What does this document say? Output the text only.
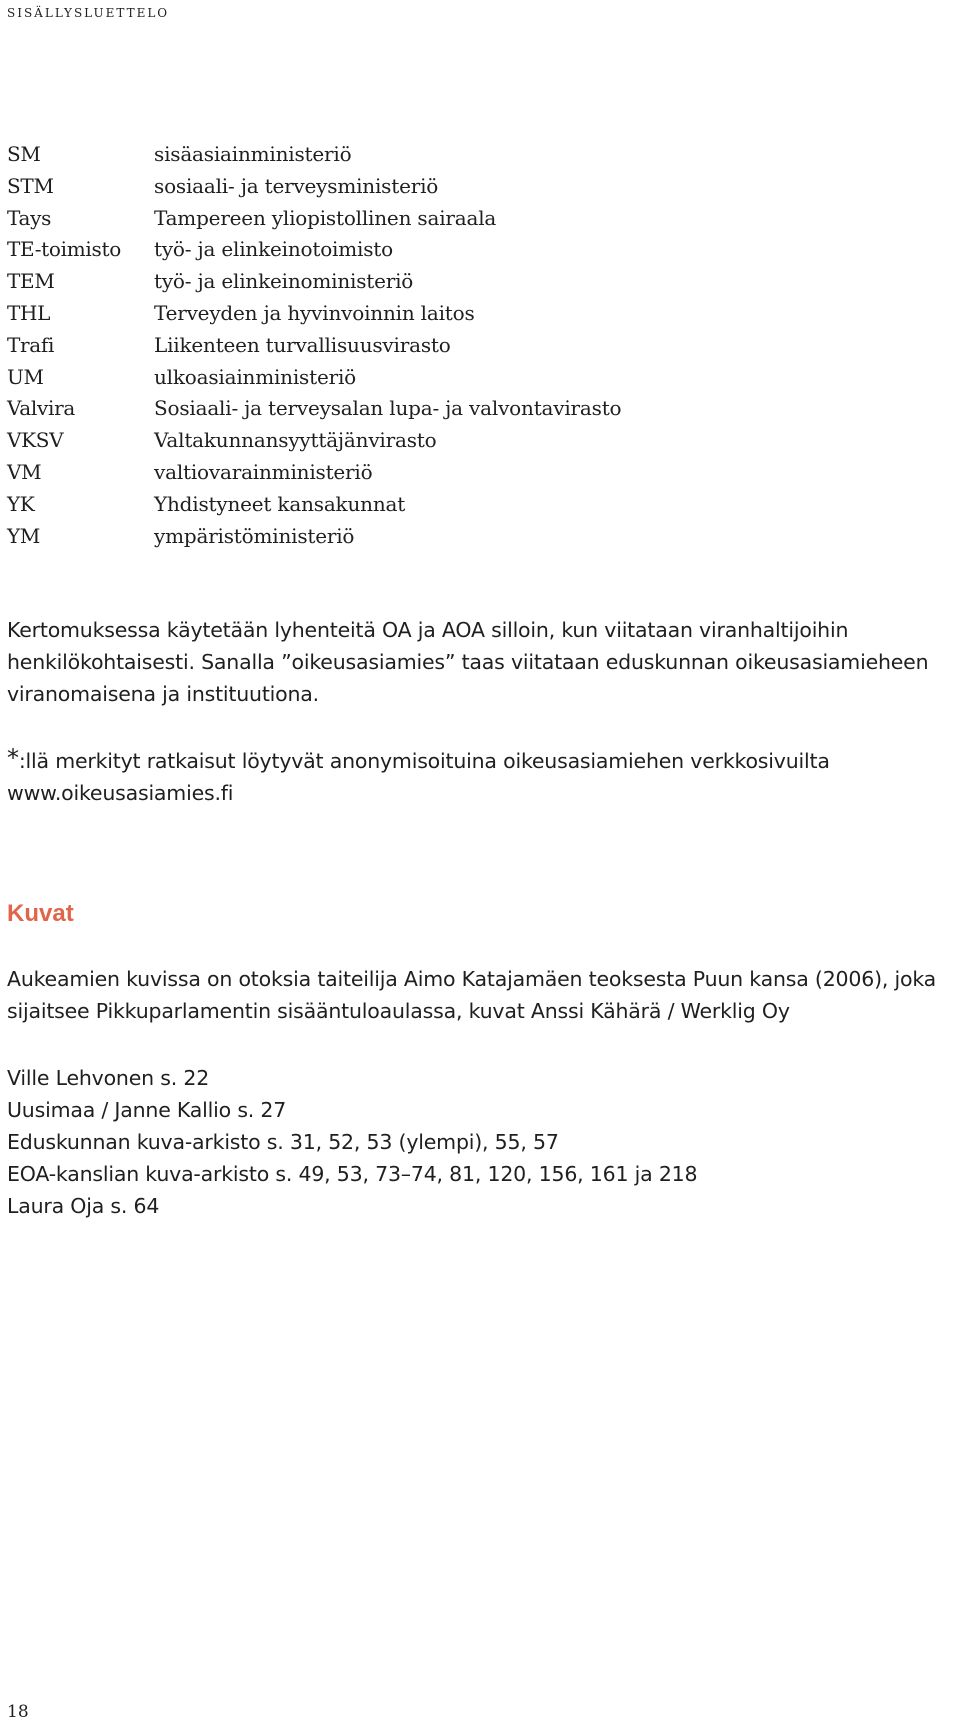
sisällysluettelo
SM	sisäasiainministeriö
STM	sosiaali- ja terveysministeriö
Tays	Tampereen yliopistollinen sairaala
TE-toimisto	työ- ja elinkeinotoimisto
TEM	työ- ja elinkeinoministeriö
THL	Terveyden ja hyvinvoinnin laitos
Trafi	Liikenteen turvallisuusvirasto
UM	ulkoasiainministeriö
Valvira	Sosiaali- ja terveysalan lupa- ja valvontavirasto
VKSV	Valtakunnansyyttäjänvirasto
VM	valtiovarainministeriö
YK	Yhdistyneet kansakunnat
YM	ympäristöministeriö

Kertomuksessa käytetään lyhenteitä OA ja AOA silloin, kun viitataan viranhaltijoihin henkilökohtaisesti. Sanalla ”oikeusasiamies” taas viitataan eduskunnan oikeusasiamieheen viranomaisena ja instituutiona.

*:llä merkityt ratkaisut löytyvät anonymisoituina oikeusasiamiehen verkkosivuilta
www.oikeusasiamies.fi
Kuvat

Aukeamien kuvissa on otoksia taiteilija Aimo Katajamäen teoksesta Puun kansa (2006), joka sijaitsee Pikkuparlamentin sisääntuloaulassa, kuvat Anssi Kähärä / Werklig Oy

Ville Lehvonen s. 22
Uusimaa / Janne Kallio s. 27
Eduskunnan kuva-arkisto s. 31, 52, 53 (ylempi), 55, 57
EOA-kanslian kuva-arkisto s. 49, 53, 73–74, 81, 120, 156, 161 ja 218
Laura Oja s. 64
18
